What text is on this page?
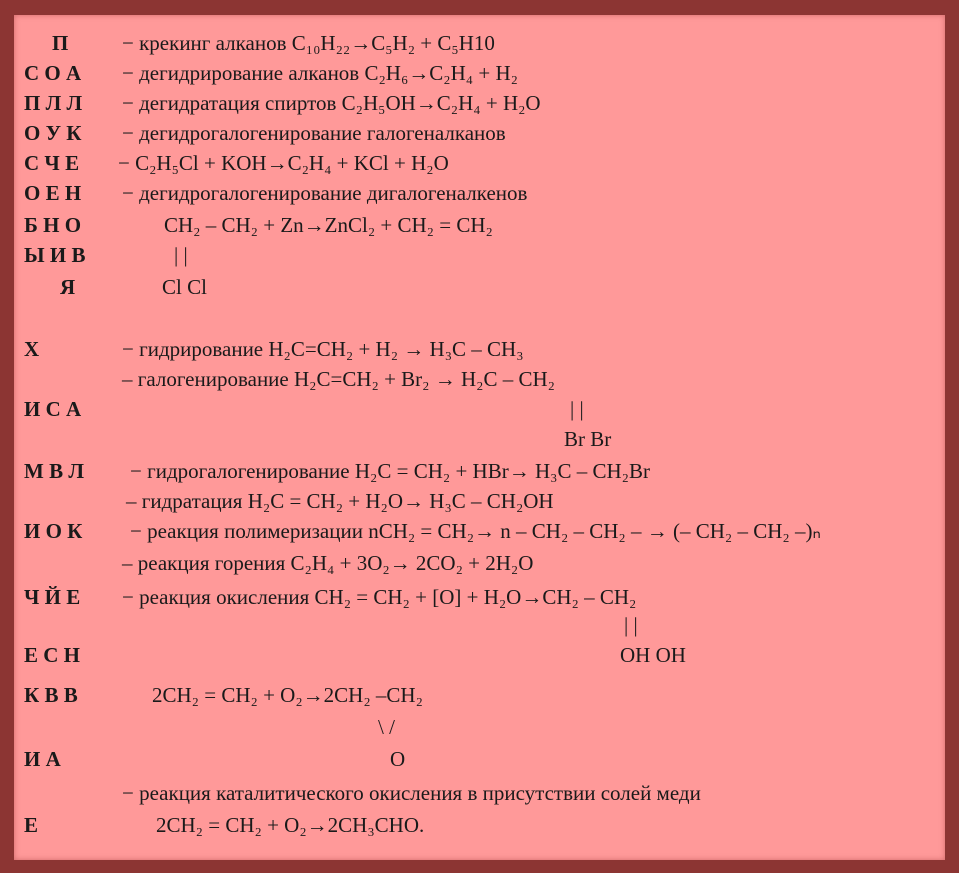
П	− крекинг алканов C₁₀H₂₂→C₅H₂ + C₅H10
С О А − дегидрирование алканов C₂H₆→C₂H₄ + H₂
П Л Л − дегидратация спиртов C₂H₅OH→C₂H₄ + H₂O
О У К − дегидрогалогенирование галогеналканов
С Ч Е − C₂H₅Cl + KOH→C₂H₄ + KCl + H₂O
О Е Н − дегидрогалогенирование дигалогеналкенов
Б Н О	CH₂ – CH₂ + Zn→ZnCl₂ + CH₂ = CH₂
Ы И В	| |
Я	Cl Cl
Х	− гидрирование H₂C=CH₂ + H₂ → H₃C – CH₃
– галогенирование H₂C=CH₂ + Br₂ → H₂C – CH₂
И С А	| |
Br Br
М В Л − гидрогалогенирование H₂C = CH₂ + HBr→ H₃C – CH₂Br
– гидратация H₂C = CH₂ + H₂O→ H₃C – CH₂OH
И О К − реакция полимеризации nCH₂ = CH₂→ n – CH₂ – CH₂ – → (– CH₂ – CH₂ –)ₙ
– реакция горения C₂H₄ + 3O₂→ 2CO₂ + 2H₂O
Ч Й Е − реакция окисления CH₂ = CH₂ + [O] + H₂O→CH₂ – CH₂
| |
Е С Н	OH OH
К В В	2CH₂ = CH₂ + O₂→2CH₂ –CH₂
\ /
И А	O
− реакция каталитического окисления в присутствии солей меди
Е	2CH₂ = CH₂ + O₂→2CH₃CHO.
